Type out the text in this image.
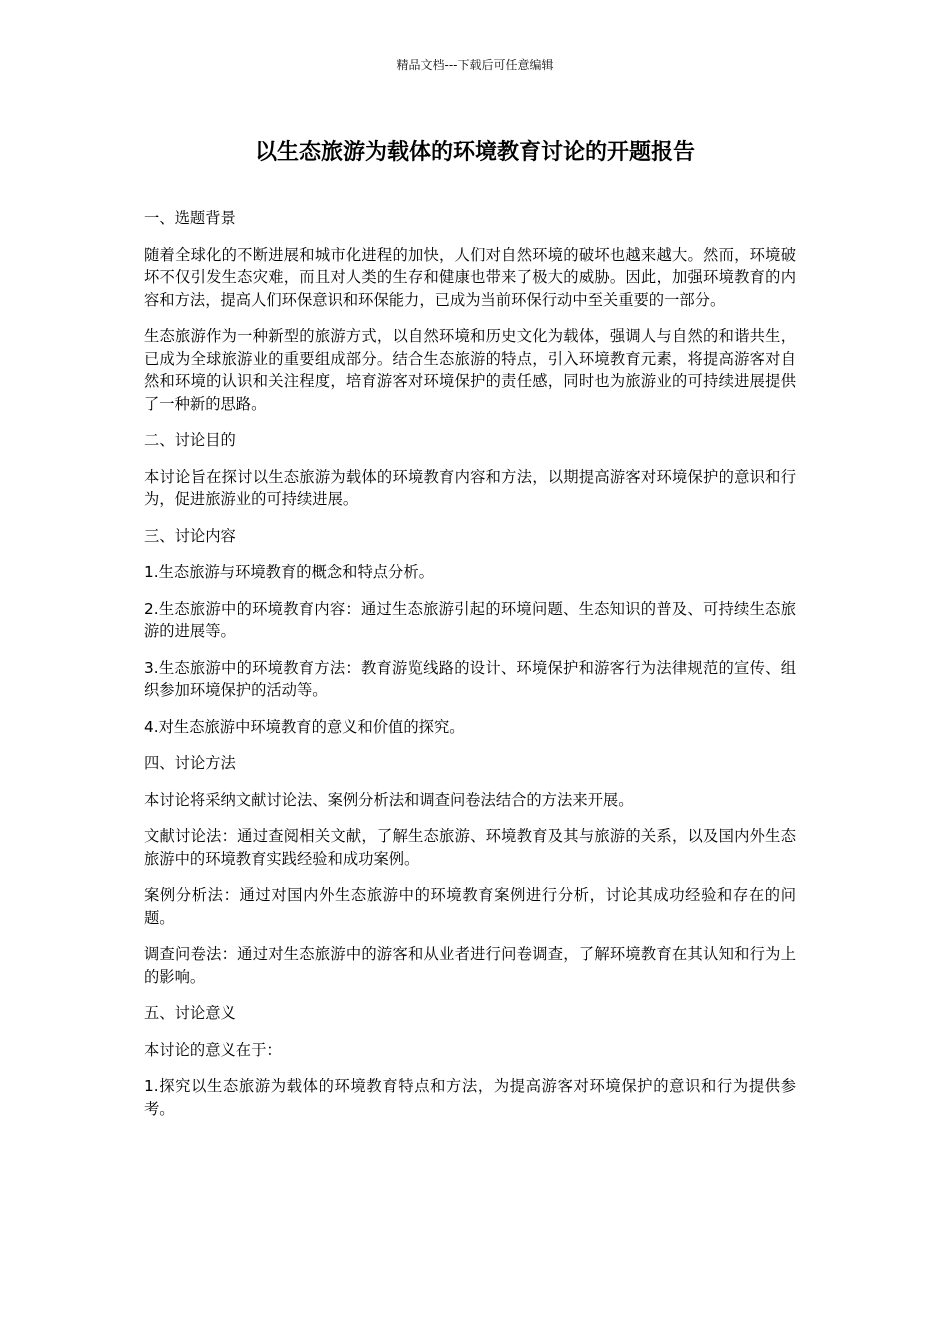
精品文档---下载后可任意编辑
以生态旅游为载体的环境教育讨论的开题报告

一、选题背景

随着全球化的不断进展和城市化进程的加快，人们对自然环境的破坏也越来越大。然而，环境破坏不仅引发生态灾难，而且对人类的生存和健康也带来了极大的威胁。因此，加强环境教育的内容和方法，提高人们环保意识和环保能力，已成为当前环保行动中至关重要的一部分。

生态旅游作为一种新型的旅游方式，以自然环境和历史文化为载体，强调人与自然的和谐共生，已成为全球旅游业的重要组成部分。结合生态旅游的特点，引入环境教育元素，将提高游客对自然和环境的认识和关注程度，培育游客对环境保护的责任感，同时也为旅游业的可持续进展提供了一种新的思路。

二、讨论目的

本讨论旨在探讨以生态旅游为载体的环境教育内容和方法，以期提高游客对环境保护的意识和行为，促进旅游业的可持续进展。

三、讨论内容

1.生态旅游与环境教育的概念和特点分析。

2.生态旅游中的环境教育内容：通过生态旅游引起的环境问题、生态知识的普及、可持续生态旅游的进展等。

3.生态旅游中的环境教育方法：教育游览线路的设计、环境保护和游客行为法律规范的宣传、组织参加环境保护的活动等。

4.对生态旅游中环境教育的意义和价值的探究。

四、讨论方法

本讨论将采纳文献讨论法、案例分析法和调查问卷法结合的方法来开展。

文献讨论法：通过查阅相关文献，了解生态旅游、环境教育及其与旅游的关系，以及国内外生态旅游中的环境教育实践经验和成功案例。

案例分析法：通过对国内外生态旅游中的环境教育案例进行分析，讨论其成功经验和存在的问题。

调查问卷法：通过对生态旅游中的游客和从业者进行问卷调查，了解环境教育在其认知和行为上的影响。

五、讨论意义

本讨论的意义在于：

1.探究以生态旅游为载体的环境教育特点和方法，为提高游客对环境保护的意识和行为提供参考。
